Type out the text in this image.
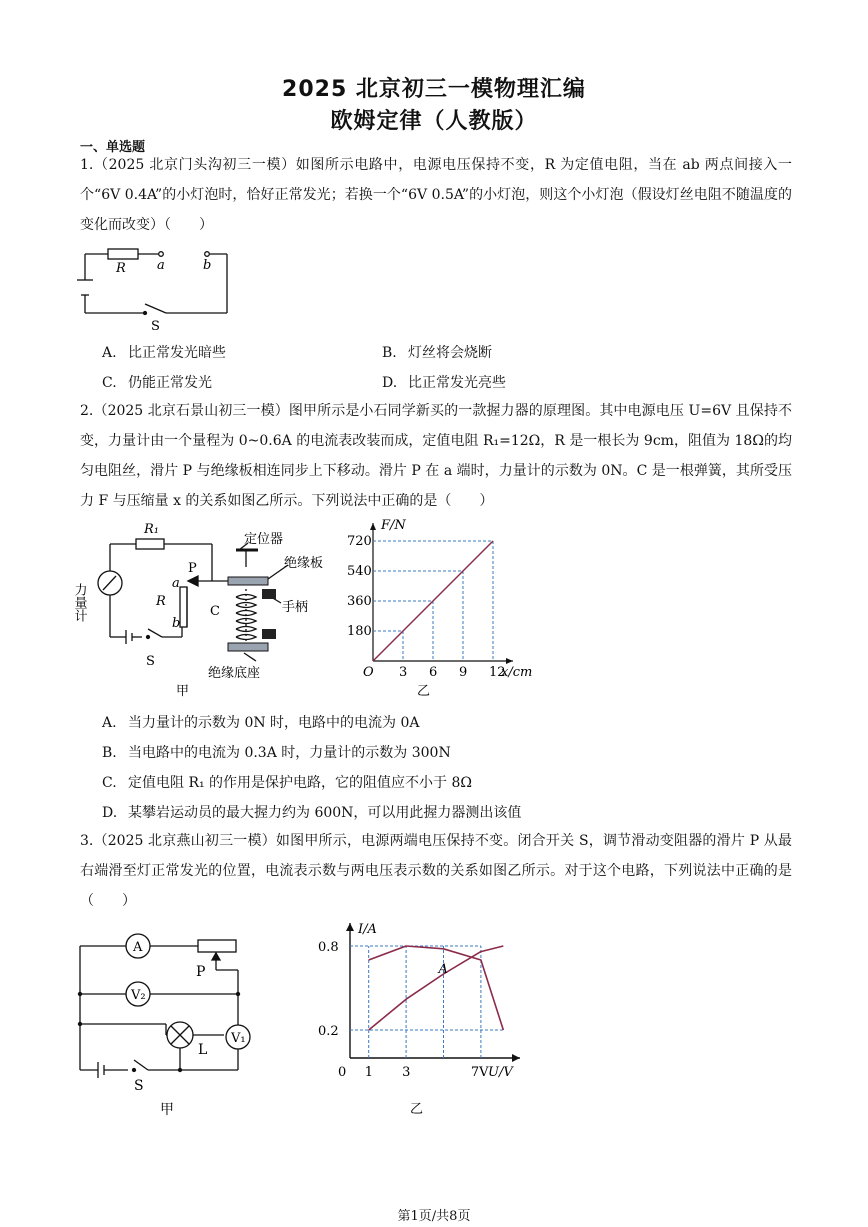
2025 北京初三一模物理汇编
欧姆定律（人教版）
一、单选题
1.（2025 北京门头沟初三一模）如图所示电路中，电源电压保持不变，R 为定值电阻，当在 ab 两点间接入一个“6V 0.4A”的小灯泡时，恰好正常发光；若换一个“6V 0.5A”的小灯泡，则这个小灯泡（假设灯丝电阻不随温度的变化而改变）（　　）
R a	b
S
A. 比正常发光暗些	B. 灯丝将会烧断
C. 仍能正常发光	D. 比正常发光亮些
2.（2025 北京石景山初三一模）图甲所示是小石同学新买的一款握力器的原理图。其中电源电压 U=6V 且保持不变，力量计由一个量程为 0~0.6A 的电流表改装而成，定值电阻 R₁=12Ω，R 是一根长为 9cm，阻值为 18Ω的均匀电阻丝，滑片 P 与绝缘板相连同步上下移动。滑片 P 在 a 端时，力量计的示数为 0N。C 是一根弹簧，其所受压力 F 与压缩量 x 的关系如图乙所示。下列说法中正确的是（　　）
R₁
P
a
R
b
S
C
力量计
定位器
绝缘板
手柄
绝缘底座
甲
O 3 6 9 12
180
360
540
720
x/cm
F/N
乙
A. 当力量计的示数为 0N 时，电路中的电流为 0A
B. 当电路中的电流为 0.3A 时，力量计的示数为 300N
C. 定值电阻 R₁ 的作用是保护电路，它的阻值应不小于 8Ω
D. 某攀岩运动员的最大握力约为 600N，可以用此握力器测出该值
3.（2025 北京燕山初三一模）如图甲所示，电源两端电压保持不变。闭合开关 S，调节滑动变阻器的滑片 P 从最右端滑至灯正常发光的位置，电流表示数与两电压表示数的关系如图乙所示。对于这个电路，下列说法中正确的是（　　）
A
V₂
V₁
P
L
S
甲
A
0 1 3	7V
0.2
0.8
U/V
I/A
乙
第1页/共8页
